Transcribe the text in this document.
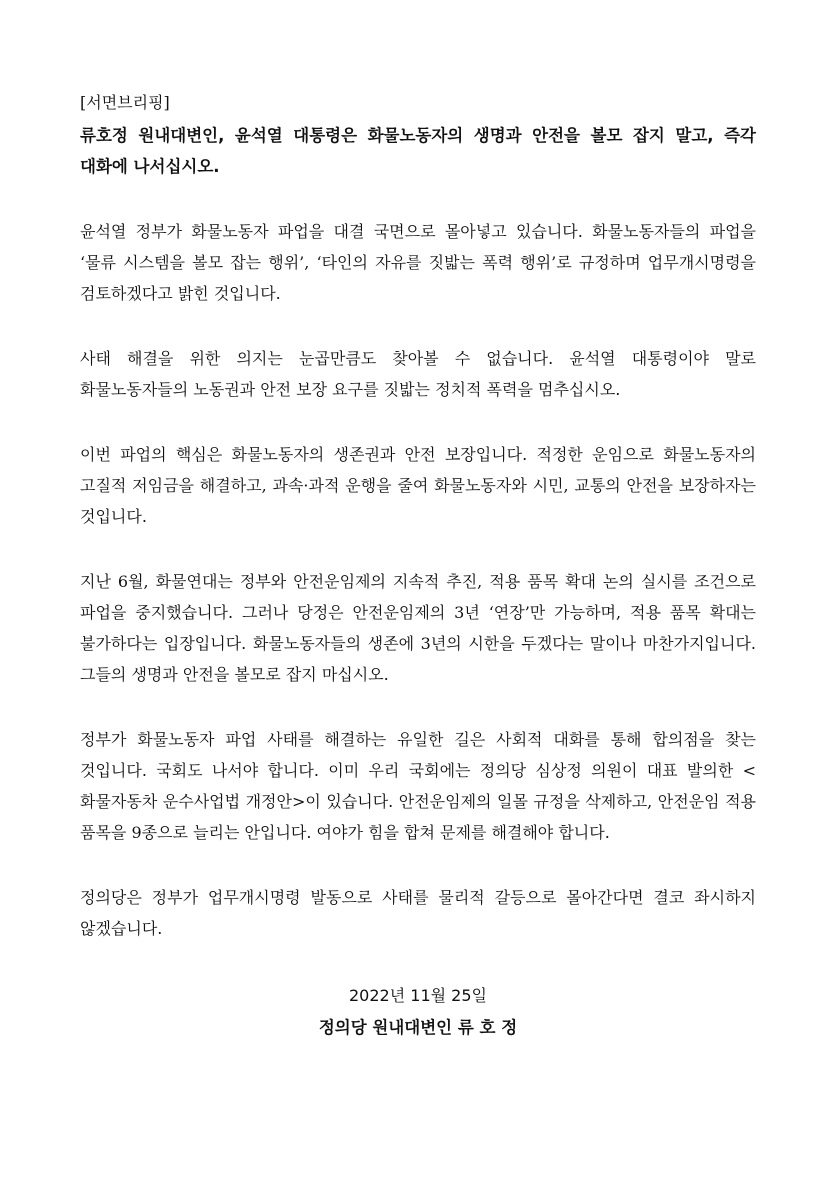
[서면브리핑]

류호정 원내대변인, 윤석열 대통령은 화물노동자의 생명과 안전을 볼모 잡지 말고, 즉각 대화에 나서십시오.

윤석열 정부가 화물노동자 파업을 대결 국면으로 몰아넣고 있습니다. 화물노동자들의 파업을 ‘물류 시스템을 볼모 잡는 행위’, ‘타인의 자유를 짓밟는 폭력 행위’로 규정하며 업무개시명령을 검토하겠다고 밝힌 것입니다.

사태 해결을 위한 의지는 눈곱만큼도 찾아볼 수 없습니다. 윤석열 대통령이야 말로 화물노동자들의 노동권과 안전 보장 요구를 짓밟는 정치적 폭력을 멈추십시오.

이번 파업의 핵심은 화물노동자의 생존권과 안전 보장입니다. 적정한 운임으로 화물노동자의 고질적 저임금을 해결하고, 과속·과적 운행을 줄여 화물노동자와 시민, 교통의 안전을 보장하자는 것입니다.

지난 6월, 화물연대는 정부와 안전운임제의 지속적 추진, 적용 품목 확대 논의 실시를 조건으로 파업을 중지했습니다. 그러나 당정은 안전운임제의 3년 ‘연장’만 가능하며, 적용 품목 확대는 불가하다는 입장입니다. 화물노동자들의 생존에 3년의 시한을 두겠다는 말이나 마찬가지입니다. 그들의 생명과 안전을 볼모로 잡지 마십시오.

정부가 화물노동자 파업 사태를 해결하는 유일한 길은 사회적 대화를 통해 합의점을 찾는 것입니다. 국회도 나서야 합니다. 이미 우리 국회에는 정의당 심상정 의원이 대표 발의한 <화물자동차 운수사업법 개정안>이 있습니다. 안전운임제의 일몰 규정을 삭제하고, 안전운임 적용 품목을 9종으로 늘리는 안입니다. 여야가 힘을 합쳐 문제를 해결해야 합니다.

정의당은 정부가 업무개시명령 발동으로 사태를 물리적 갈등으로 몰아간다면 결코 좌시하지 않겠습니다.

2022년 11월 25일
정의당 원내대변인 류 호 정
